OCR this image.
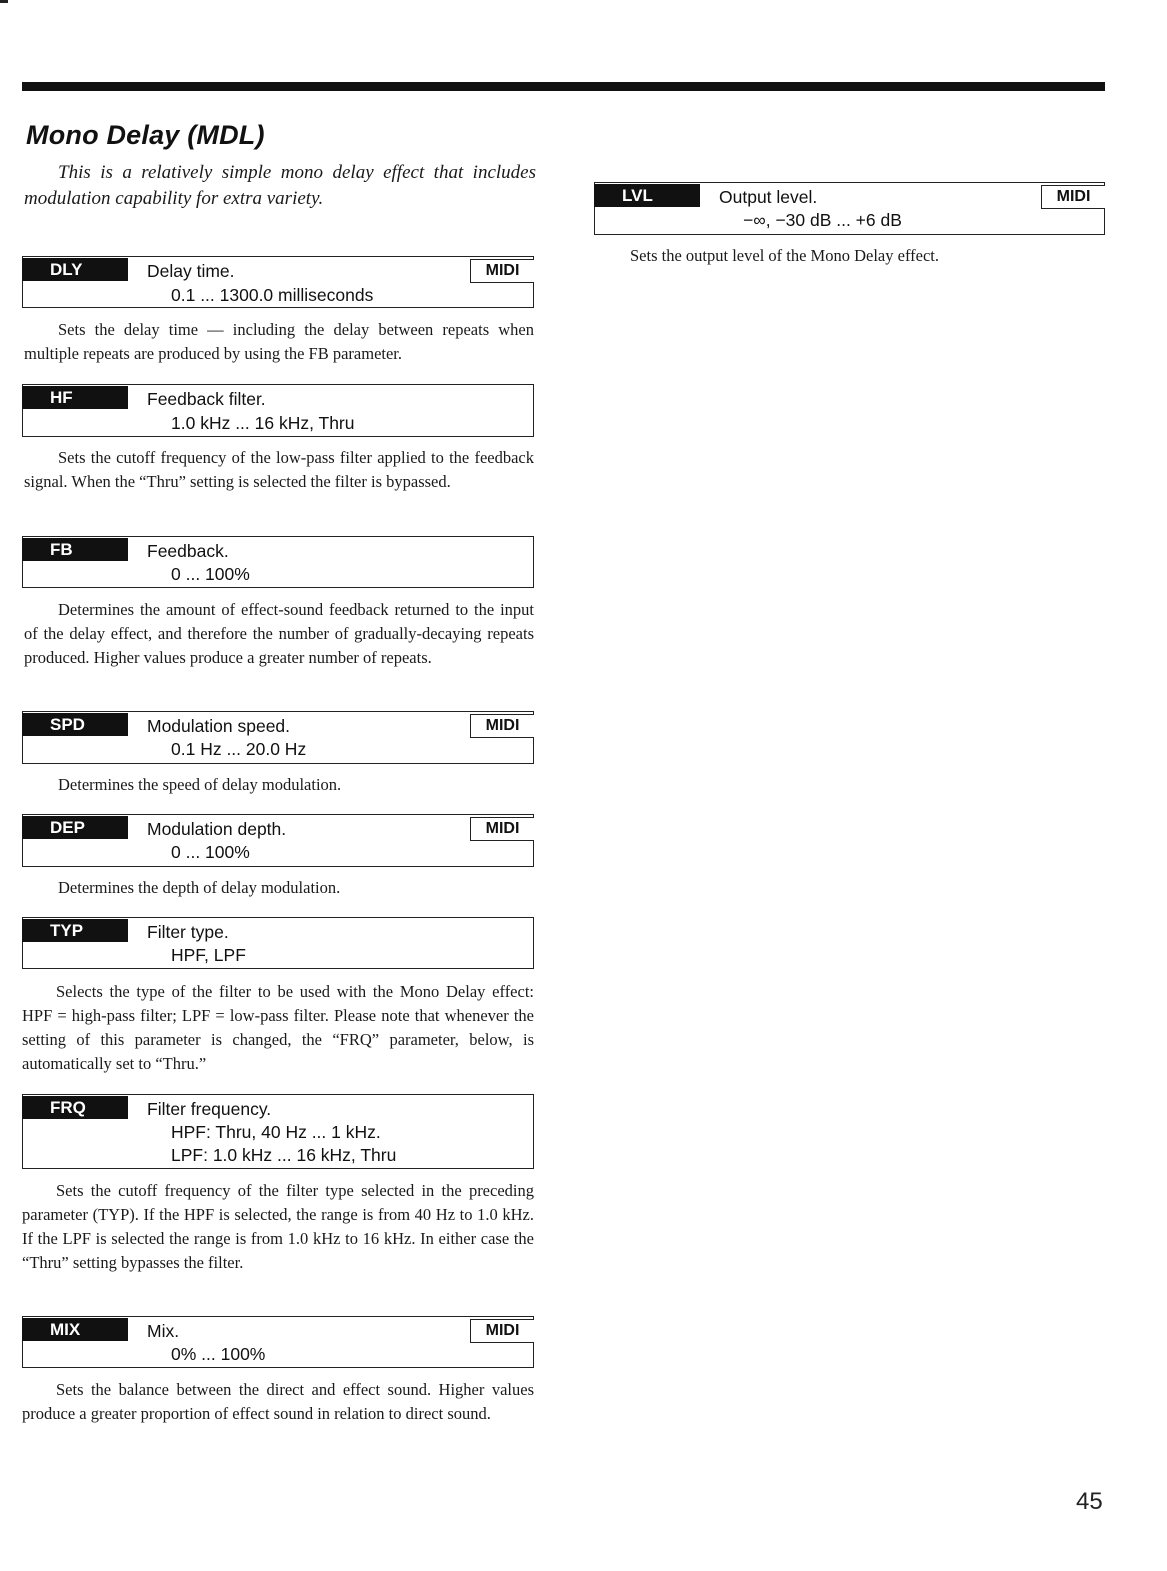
Mono Delay (MDL)

This is a relatively simple mono delay effect that includes modulation capability for extra variety.

DLY	Delay time.
0.1 ... 1300.0 milliseconds
MIDI

Sets the delay time — including the delay between repeats when multiple repeats are produced by using the FB parameter.

HF	Feedback filter.
1.0 kHz ... 16 kHz, Thru

Sets the cutoff frequency of the low-pass filter applied to the feedback signal. When the “Thru” setting is selected the filter is bypassed.

FB	Feedback.
0 ... 100%

Determines the amount of effect-sound feedback returned to the input of the delay effect, and therefore the number of gradually-decaying repeats produced. Higher values produce a greater number of repeats.

SPD	Modulation speed.
0.1 Hz ... 20.0 Hz
MIDI

Determines the speed of delay modulation.

DEP	Modulation depth.
0 ... 100%
MIDI

Determines the depth of delay modulation.

TYP	Filter type.
HPF, LPF

Selects the type of the filter to be used with the Mono Delay effect: HPF = high-pass filter; LPF = low-pass filter. Please note that whenever the setting of this parameter is changed, the “FRQ” parameter, below, is automatically set to “Thru.”

FRQ	Filter frequency.
HPF: Thru, 40 Hz ... 1 kHz.
LPF: 1.0 kHz ... 16 kHz, Thru

Sets the cutoff frequency of the filter type selected in the preceding parameter (TYP). If the HPF is selected, the range is from 40 Hz to 1.0 kHz. If the LPF is selected the range is from 1.0 kHz to 16 kHz. In either case the “Thru” setting bypasses the filter.

MIX	Mix.
0% ... 100%
MIDI

Sets the balance between the direct and effect sound. Higher values produce a greater proportion of effect sound in relation to direct sound.

LVL	Output level.
−∞, −30 dB ... +6 dB
MIDI

Sets the output level of the Mono Delay effect.

45
